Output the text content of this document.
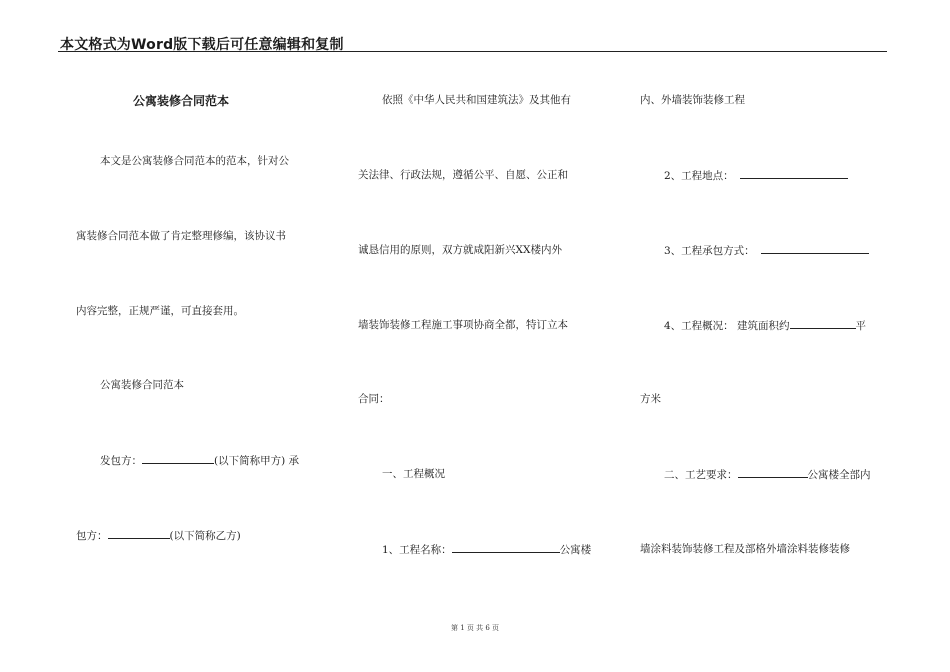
本文格式为Word版下载后可任意编辑和复制
公寓装修合同范本
本文是公寓装修合同范本的范本，针对公
寓装修合同范本做了肯定整理修编，该协议书
内容完整，正规严谨，可直接套用。
公寓装修合同范本
发包方：	(以下简称甲方) 承
包方：	(以下简称乙方)
依照《中华人民共和国建筑法》及其他有
关法律、行政法规，遵循公平、自愿、公正和
诚恳信用的原则，双方就咸阳新兴XX楼内外
墙装饰装修工程施工事项协商全都，特订立本
合同：
一、工程概况
1、工程名称：	公寓楼
内、外墙装饰装修工程
2、工程地点：
3、工程承包方式：
4、工程概况： 建筑面积约	平
方米
二、工艺要求：	公寓楼全部内
墙涂料装饰装修工程及部格外墙涂料装修装修
第 1 页 共 6 页
